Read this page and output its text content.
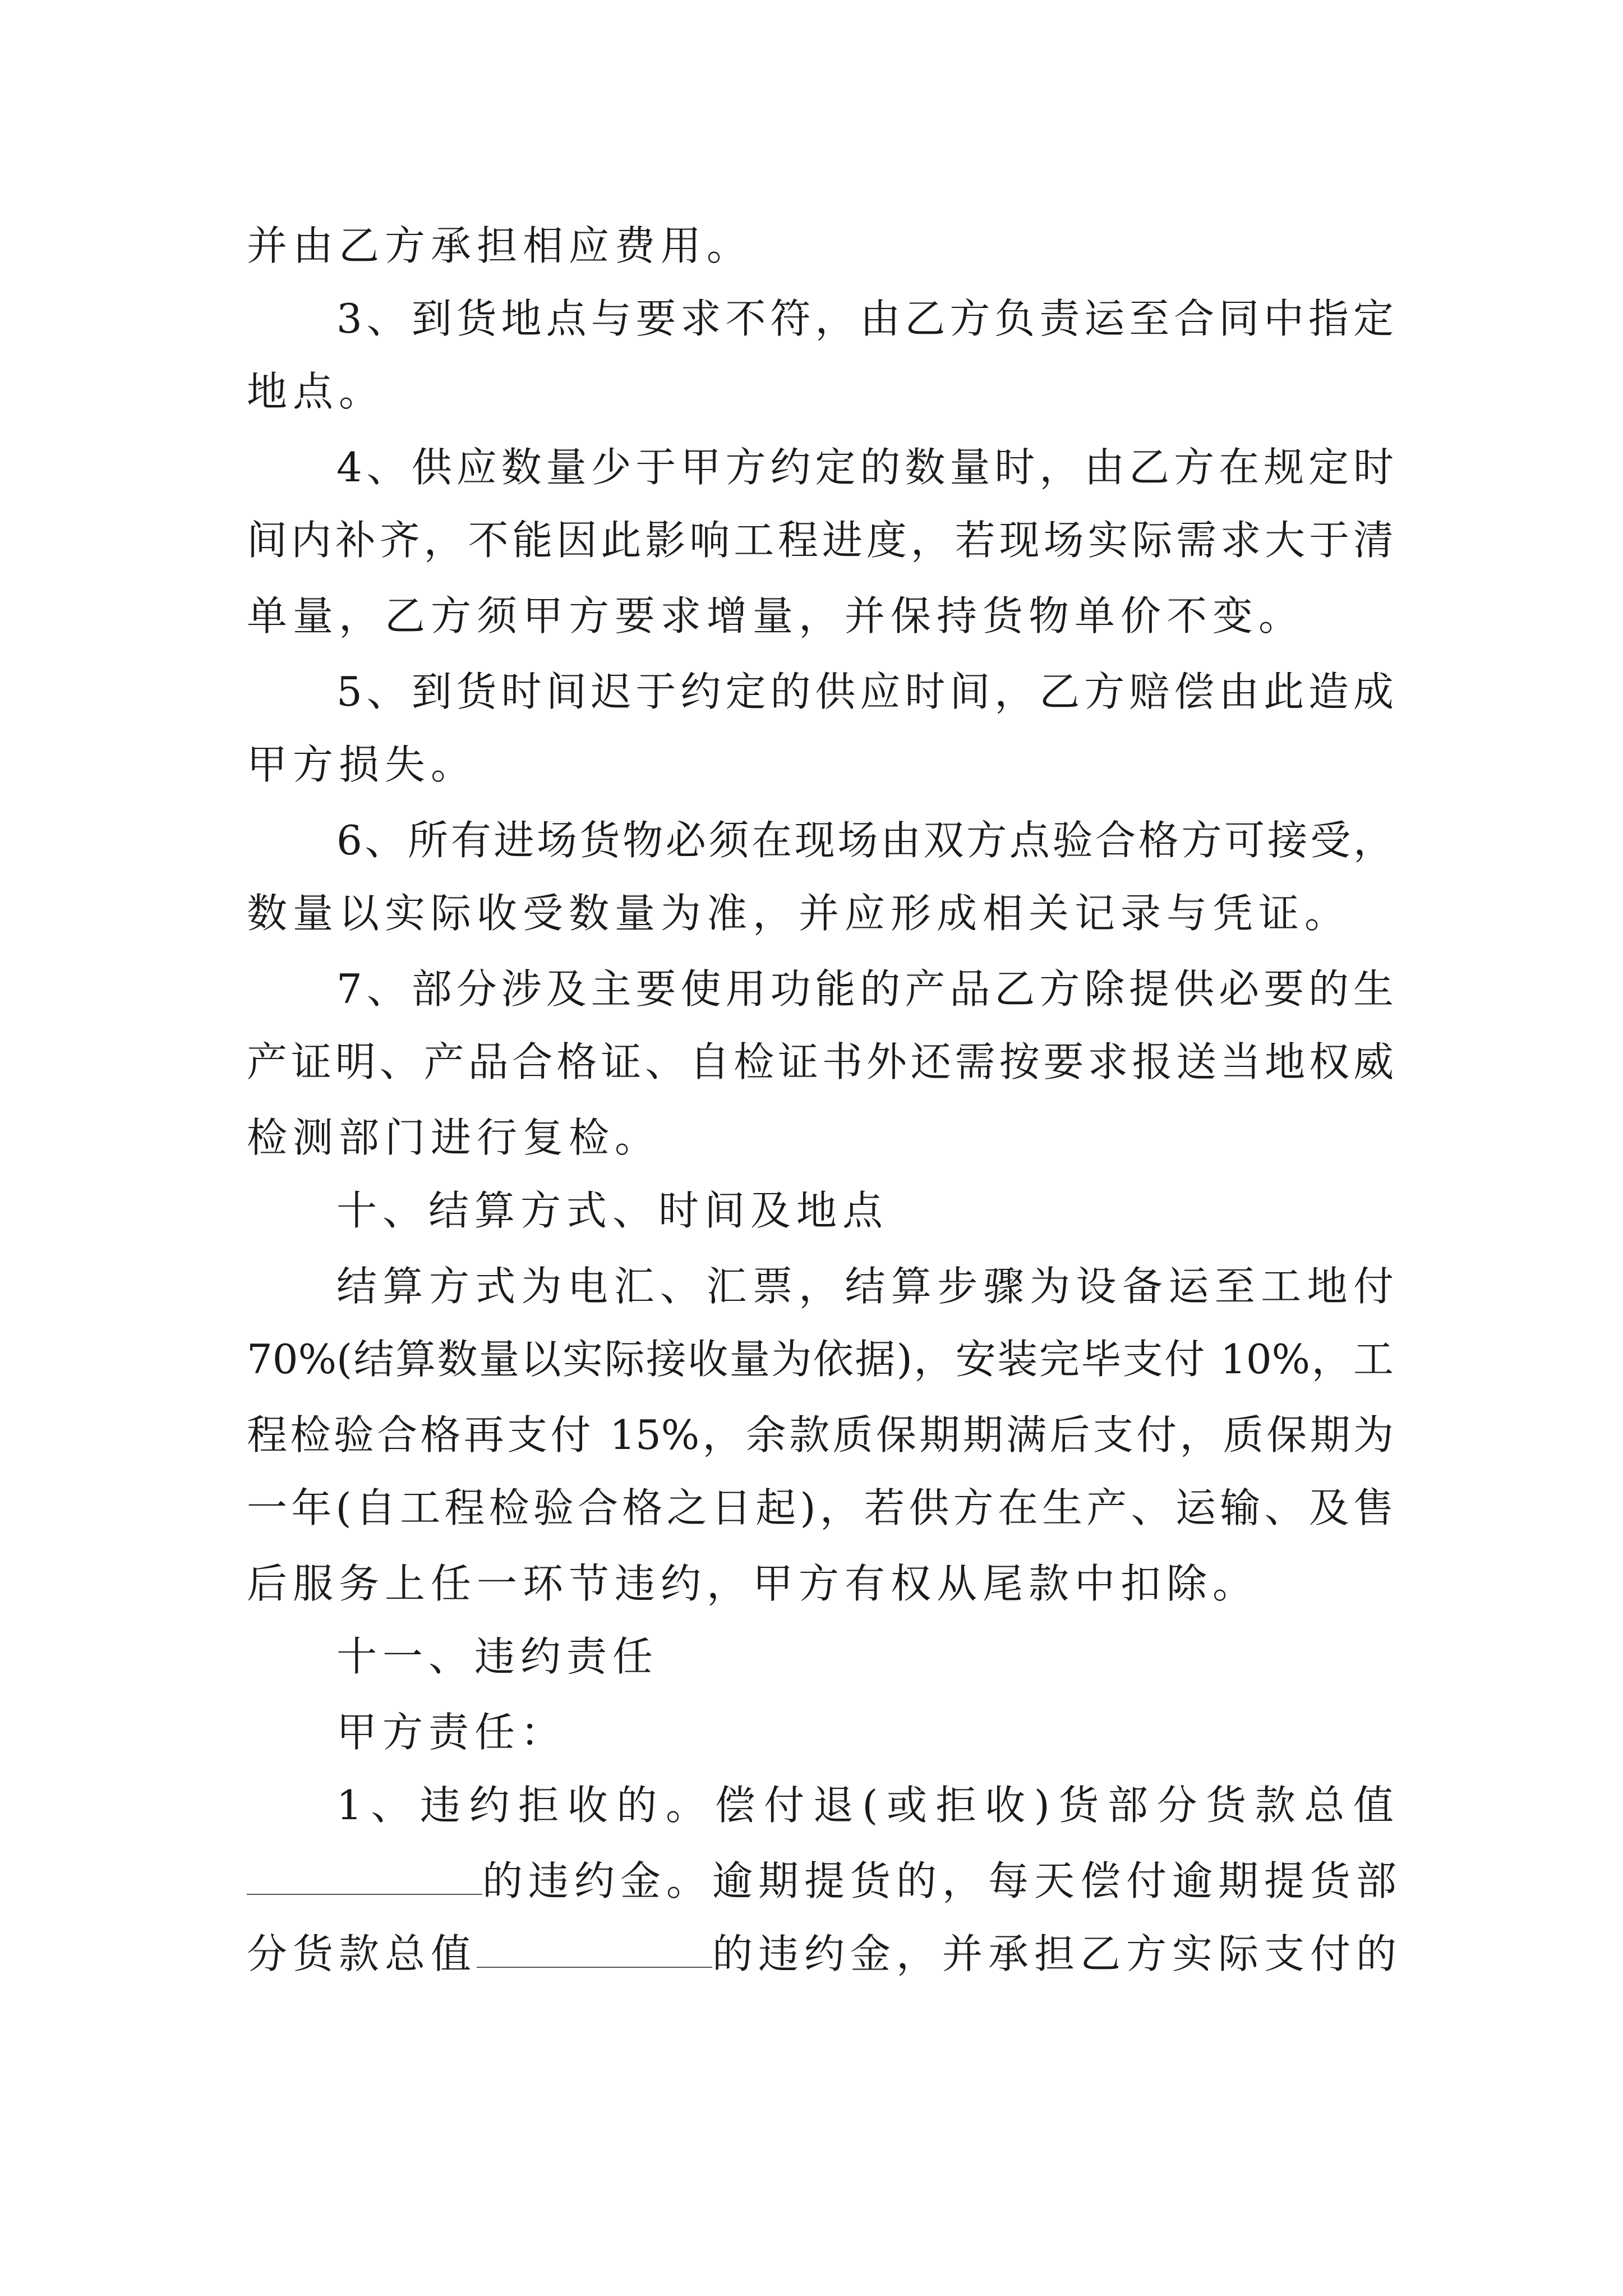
并由乙方承担相应费用。
3、到货地点与要求不符，由乙方负责运至合同中指定
地点。
4、供应数量少于甲方约定的数量时，由乙方在规定时
间内补齐，不能因此影响工程进度，若现场实际需求大于清
单量，乙方须甲方要求增量，并保持货物单价不变。
5、到货时间迟于约定的供应时间，乙方赔偿由此造成
甲方损失。
6、所有进场货物必须在现场由双方点验合格方可接受，
数量以实际收受数量为准，并应形成相关记录与凭证。
7、部分涉及主要使用功能的产品乙方除提供必要的生
产证明、产品合格证、自检证书外还需按要求报送当地权威
检测部门进行复检。
十、结算方式、时间及地点
结算方式为电汇、汇票，结算步骤为设备运至工地付
70%(结算数量以实际接收量为依据)，安装完毕支付 10%，工
程检验合格再支付 15%，余款质保期期满后支付，质保期为
一年(自工程检验合格之日起)，若供方在生产、运输、及售
后服务上任一环节违约，甲方有权从尾款中扣除。
十一、违约责任
甲方责任：
1、违约拒收的。偿付退(或拒收)货部分货款总值
的违约金。逾期提货的，每天偿付逾期提货部
分货款总值	的违约金，并承担乙方实际支付的
